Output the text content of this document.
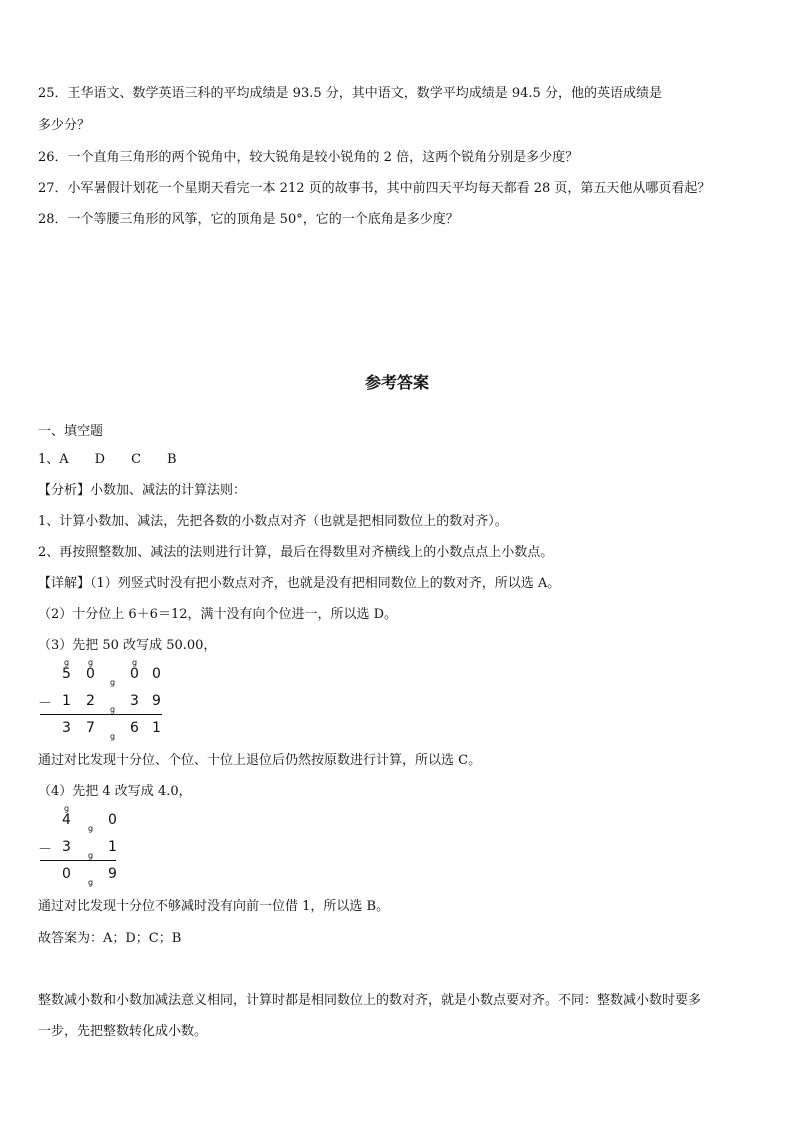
25．王华语文、数学英语三科的平均成绩是 93.5 分，其中语文，数学平均成绩是 94.5 分，他的英语成绩是
多少分？
26．一个直角三角形的两个锐角中，较大锐角是较小锐角的 2 倍，这两个锐角分别是多少度？
27．小军暑假计划花一个星期天看完一本 212 页的故事书，其中前四天平均每天都看 28 页，第五天他从哪页看起？
28．一个等腰三角形的风筝，它的顶角是 50°，它的一个底角是多少度？
参考答案
一、填空题
1、A　　D　　C　　B
【分析】小数加、减法的计算法则：
1、计算小数加、减法，先把各数的小数点对齐（也就是把相同数位上的数对齐）。
2、再按照整数加、减法的法则进行计算，最后在得数里对齐横线上的小数点点上小数点。
【详解】（1）列竖式时没有把小数点对齐，也就是没有把相同数位上的数对齐，所以选 A。
（2）十分位上 6＋6＝12，满十没有向个位进一，所以选 D。
（3）先把 50 改写成 50.00，
g g	g
5 0
g
0 0
－ 1 2
g
3 9
3 7
g
6 1
通过对比发现十分位、个位、十位上退位后仍然按原数进行计算，所以选 C。
（4）先把 4 改写成 4.0，
g
4
g
0
－ 3
g
1
0
g
9
通过对比发现十分位不够减时没有向前一位借 1，所以选 B。
故答案为：A；D；C；B
整数减小数和小数加减法意义相同，计算时都是相同数位上的数对齐，就是小数点要对齐。不同：整数减小数时要多
一步，先把整数转化成小数。
